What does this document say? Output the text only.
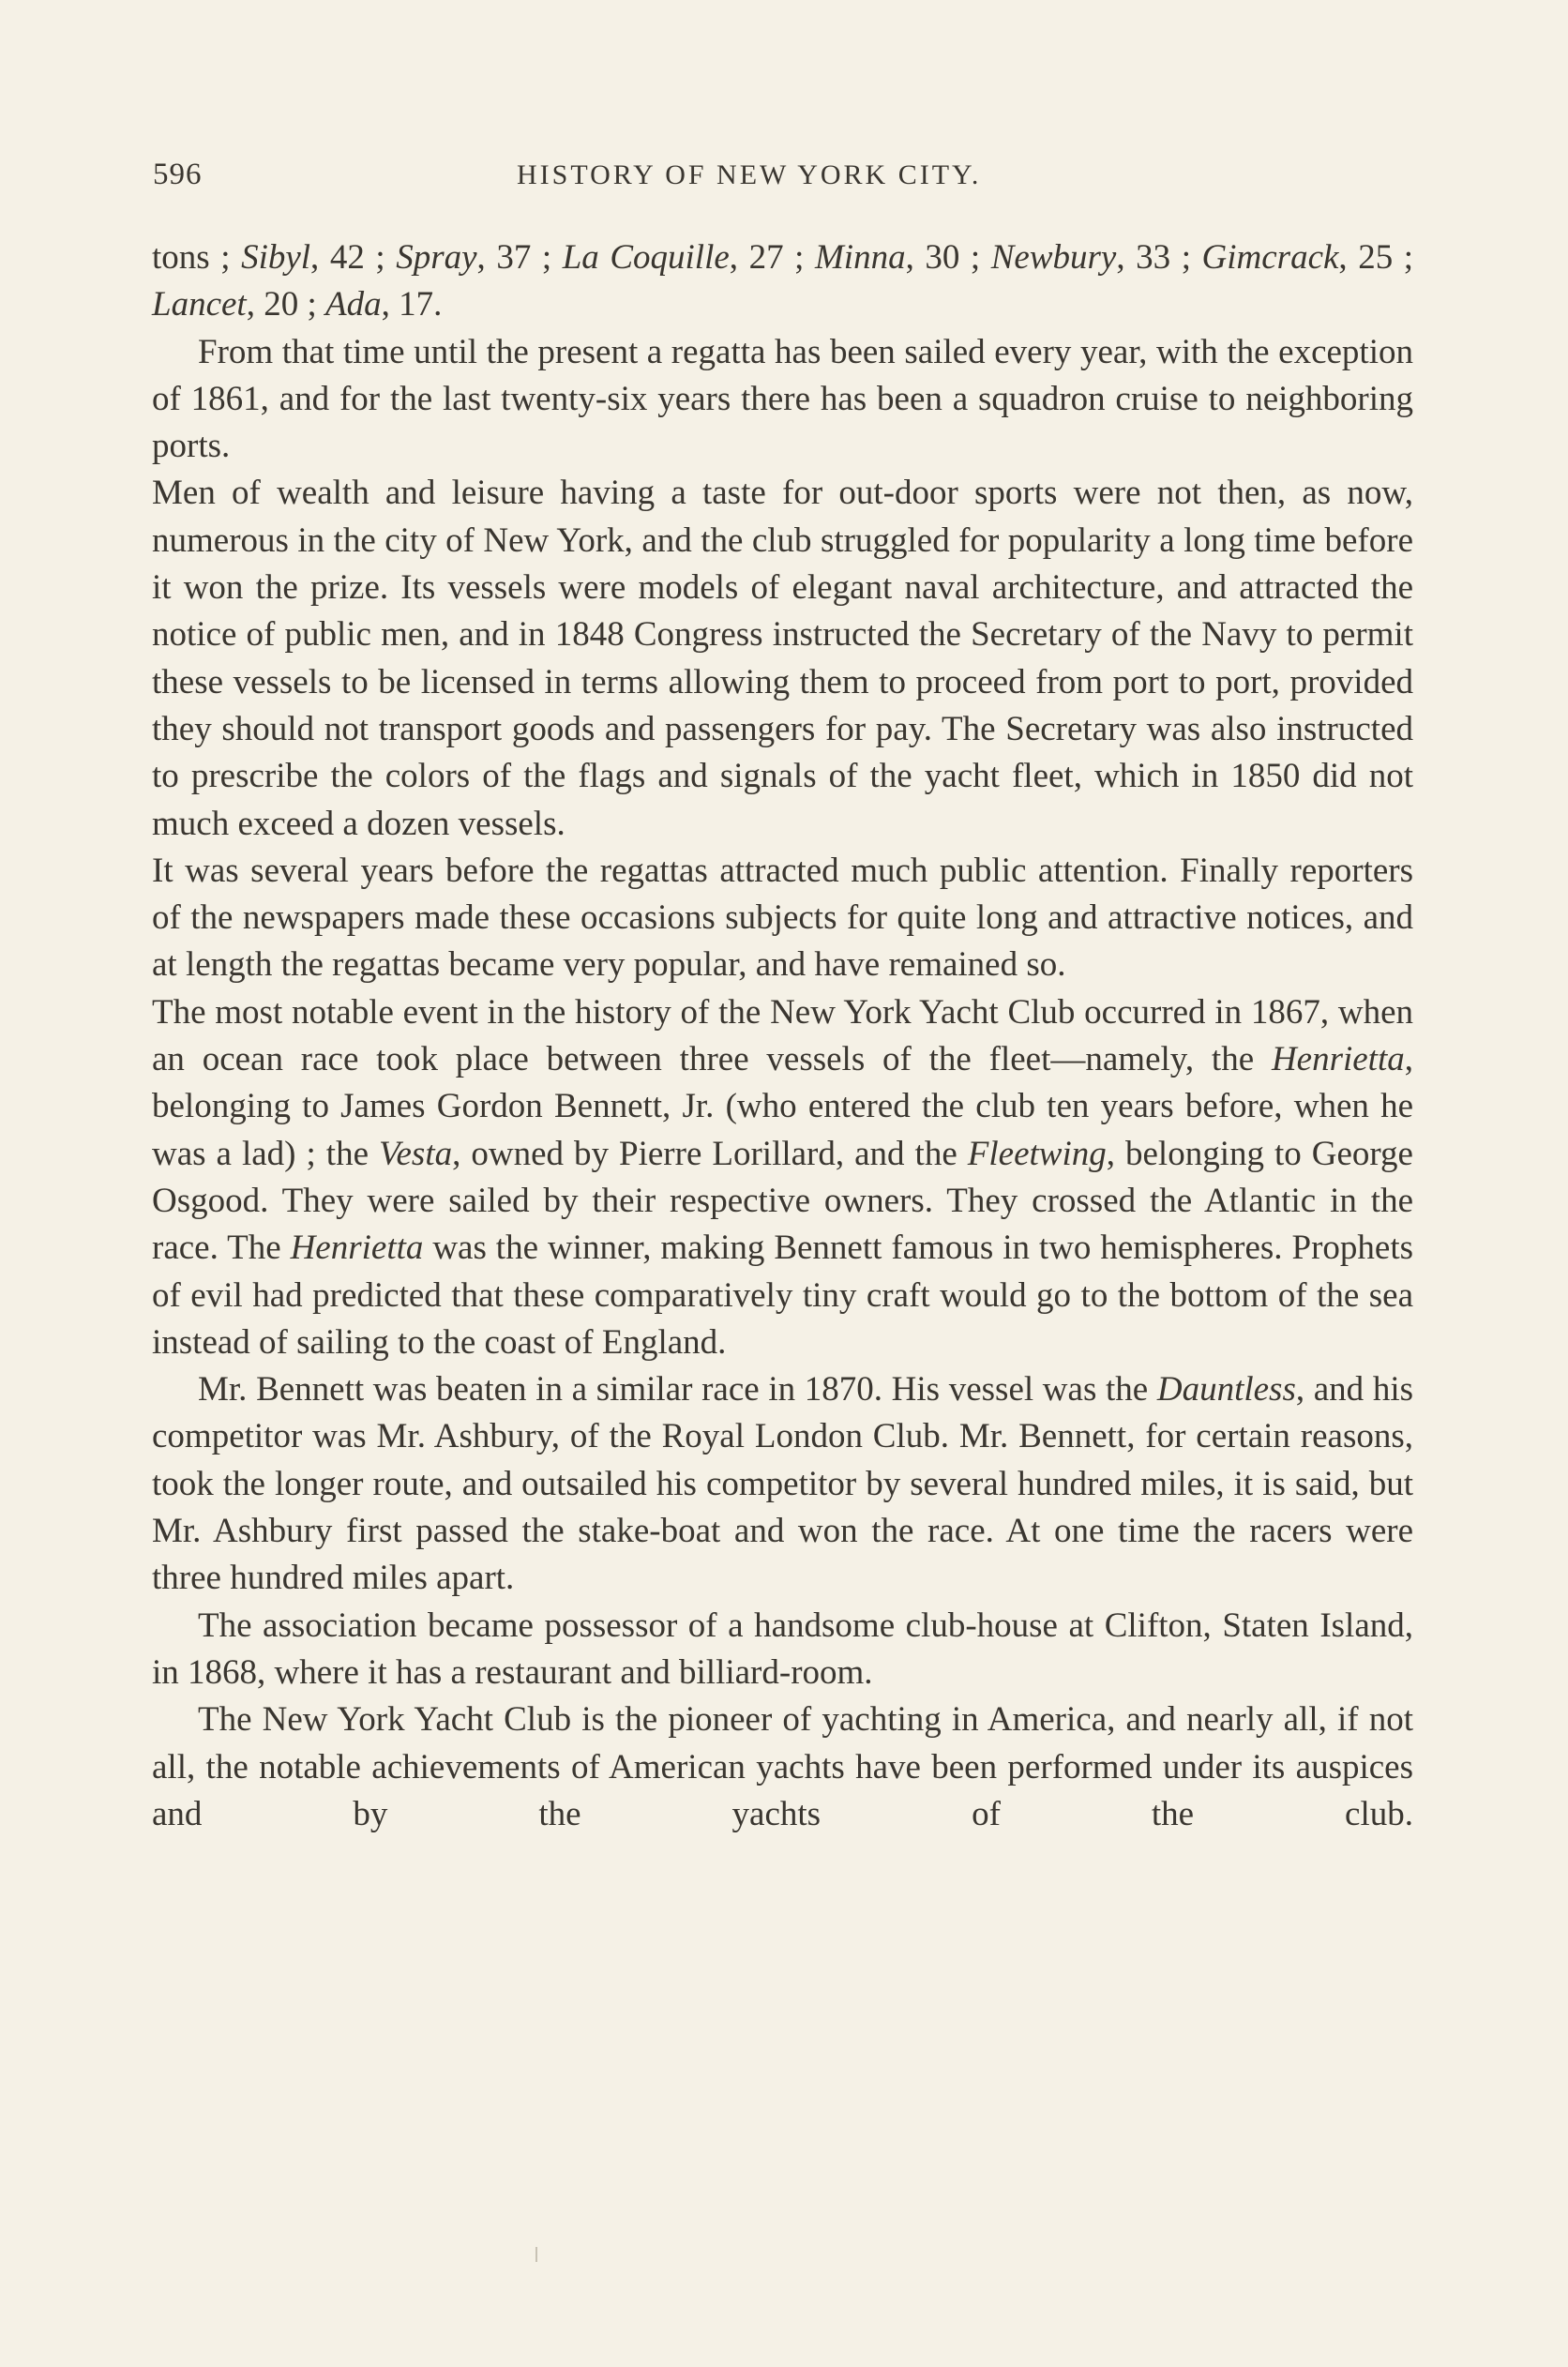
596	HISTORY OF NEW YORK CITY.

tons ; Sibyl, 42 ; Spray, 37 ; La Coquille, 27 ; Minna, 30 ; Newbury, 33 ; Gimcrack, 25 ; Lancet, 20 ; Ada, 17.

From that time until the present a regatta has been sailed every year, with the exception of 1861, and for the last twenty-six years there has been a squadron cruise to neighboring ports.

Men of wealth and leisure having a taste for out-door sports were not then, as now, numerous in the city of New York, and the club struggled for popularity a long time before it won the prize. Its vessels were models of elegant naval architecture, and attracted the notice of public men, and in 1848 Congress instructed the Secretary of the Navy to permit these vessels to be licensed in terms allowing them to proceed from port to port, provided they should not transport goods and passengers for pay. The Secretary was also instructed to prescribe the colors of the flags and signals of the yacht fleet, which in 1850 did not much exceed a dozen vessels.

It was several years before the regattas attracted much public attention. Finally reporters of the newspapers made these occasions subjects for quite long and attractive notices, and at length the regattas became very popular, and have remained so.

The most notable event in the history of the New York Yacht Club occurred in 1867, when an ocean race took place between three vessels of the fleet—namely, the Henrietta, belonging to James Gordon Bennett, Jr. (who entered the club ten years before, when he was a lad) ; the Vesta, owned by Pierre Lorillard, and the Fleetwing, belonging to George Osgood. They were sailed by their respective owners. They crossed the Atlantic in the race. The Henrietta was the winner, making Bennett famous in two hemispheres. Prophets of evil had predicted that these comparatively tiny craft would go to the bottom of the sea instead of sailing to the coast of England.

Mr. Bennett was beaten in a similar race in 1870. His vessel was the Dauntless, and his competitor was Mr. Ashbury, of the Royal London Club. Mr. Bennett, for certain reasons, took the longer route, and outsailed his competitor by several hundred miles, it is said, but Mr. Ashbury first passed the stake-boat and won the race. At one time the racers were three hundred miles apart.

The association became possessor of a handsome club-house at Clifton, Staten Island, in 1868, where it has a restaurant and billiard-room.

The New York Yacht Club is the pioneer of yachting in America, and nearly all, if not all, the notable achievements of American yachts have been performed under its auspices and by the yachts of the club.
